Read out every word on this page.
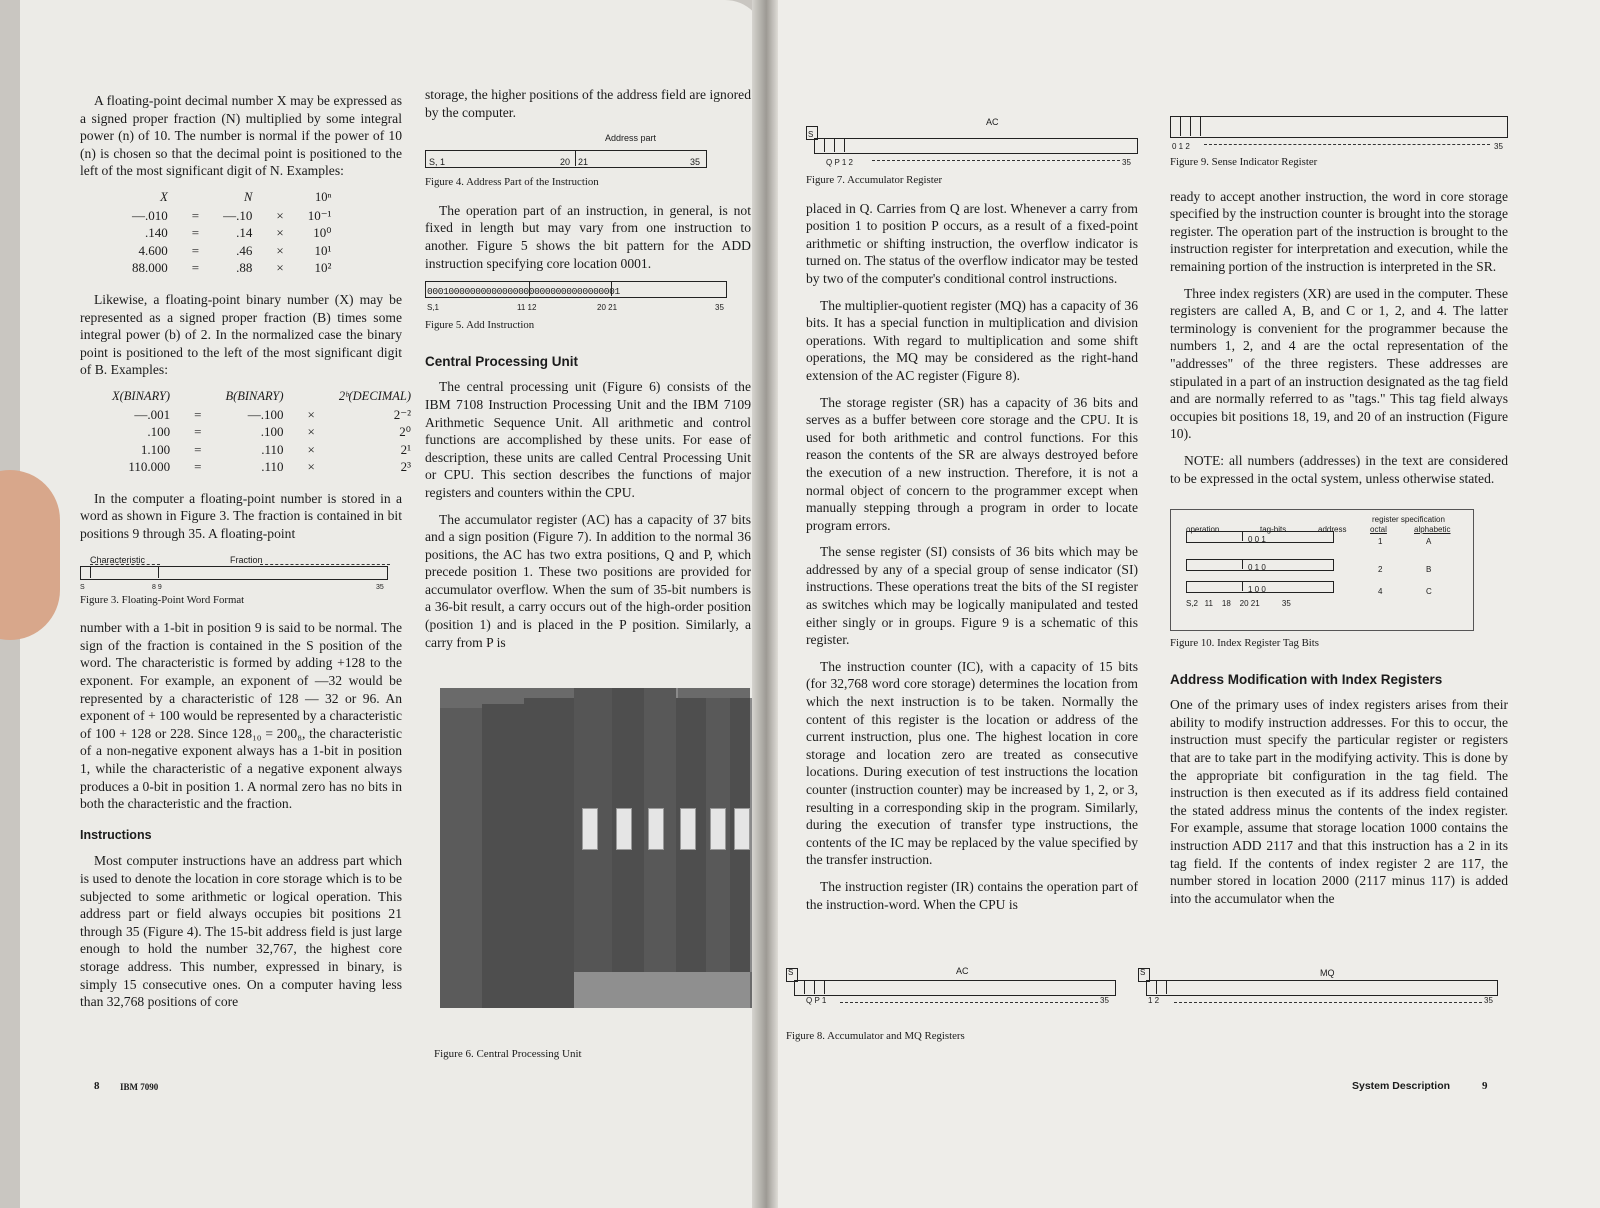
A floating-point decimal number X may be expressed as a signed proper fraction (N) multiplied by some integral power (n) of 10. The number is normal if the power of 10 (n) is chosen so that the decimal point is positioned to the left of the most significant digit of N. Examples:

X		N		10ⁿ
—.010	=	—.10	×	10⁻¹
.140	=	.14	×	10⁰
4.600	=	.46	×	10¹
88.000	=	.88	×	10²

Likewise, a floating-point binary number (X) may be represented as a signed proper fraction (B) times some integral power (b) of 2. In the normalized case the binary point is positioned to the left of the most significant digit of B. Examples:

X(BINARY)		B(BINARY)		2ᵇ(DECIMAL)
—.001	=	—.100	×	2⁻²
.100	=	.100	×	2⁰
1.100	=	.110	×	2¹
110.000	=	.110	×	2³

In the computer a floating-point number is stored in a word as shown in Figure 3. The fraction is contained in bit positions 9 through 35. A floating-point

Characteristic	Fraction
S	8 9	35
Figure 3. Floating-Point Word Format

number with a 1-bit in position 9 is said to be normal. The sign of the fraction is contained in the S position of the word. The characteristic is formed by adding +128 to the exponent. For example, an exponent of —32 would be represented by a characteristic of 128 — 32 or 96. An exponent of + 100 would be represented by a characteristic of 100 + 128 or 228. Since 128₁₀ = 200₈, the characteristic of a non-negative exponent always has a 1-bit in position 1, while the characteristic of a negative exponent always produces a 0-bit in position 1. A normal zero has no bits in both the characteristic and the fraction.

Instructions

Most computer instructions have an address part which is used to denote the location in core storage which is to be subjected to some arithmetic or logical operation. This address part or field always occupies bit positions 21 through 35 (Figure 4). The 15-bit address field is just large enough to hold the number 32,767, the highest core storage address. This number, expressed in binary, is simply 15 consecutive ones. On a computer having less than 32,768 positions of core

storage, the higher positions of the address field are ignored by the computer.

Address part
S, 1	20 21	35
Figure 4. Address Part of the Instruction

The operation part of an instruction, in general, is not fixed in length but may vary from one instruction to another. Figure 5 shows the bit pattern for the ADD instruction specifying core location 0001.

000100000000000000000000000000000001
S,1	11 12	20 21	35
Figure 5. Add Instruction
Central Processing Unit

The central processing unit (Figure 6) consists of the IBM 7108 Instruction Processing Unit and the IBM 7109 Arithmetic Sequence Unit. All arithmetic and control functions are accomplished by these units. For ease of description, these units are called Central Processing Unit or CPU. This section describes the functions of major registers and counters within the CPU.

The accumulator register (AC) has a capacity of 37 bits and a sign position (Figure 7). In addition to the normal 36 positions, the AC has two extra positions, Q and P, which precede position 1. These two positions are provided for accumulator overflow. When the sum of 35-bit numbers is a 36-bit result, a carry occurs out of the high-order position (position 1) and is placed in the P position. Similarly, a carry from P is

8 IBM 7090
Figure 6. Central Processing Unit
AC
S
Q P 1 2	35
Figure 7. Accumulator Register

placed in Q. Carries from Q are lost. Whenever a carry from position 1 to position P occurs, as a result of a fixed-point arithmetic or shifting instruction, the overflow indicator is turned on. The status of the overflow indicator may be tested by two of the computer's conditional control instructions.

The multiplier-quotient register (MQ) has a capacity of 36 bits. It has a special function in multiplication and division operations. With regard to multiplication and some shift operations, the MQ may be considered as the right-hand extension of the AC register (Figure 8).

The storage register (SR) has a capacity of 36 bits and serves as a buffer between core storage and the CPU. It is used for both arithmetic and control functions. For this reason the contents of the SR are always destroyed before the execution of a new instruction. Therefore, it is not a normal object of concern to the programmer except when manually stepping through a program in order to locate program errors.

The sense register (SI) consists of 36 bits which may be addressed by any of a special group of sense indicator (SI) instructions. These operations treat the bits of the SI register as switches which may be logically manipulated and tested either singly or in groups. Figure 9 is a schematic of this register.

The instruction counter (IC), with a capacity of 15 bits (for 32,768 word core storage) determines the location from which the next instruction is to be taken. Normally the content of this register is the location or address of the current instruction, plus one. The highest location in core storage and location zero are treated as consecutive locations. During execution of test instructions the location counter (instruction counter) may be increased by 1, 2, or 3, resulting in a corresponding skip in the program. Similarly, during the execution of transfer type instructions, the contents of the IC may be replaced by the value specified by the transfer instruction.

The instruction register (IR) contains the operation part of the instruction-word. When the CPU is

0 1 2	35
Figure 9. Sense Indicator Register

ready to accept another instruction, the word in core storage specified by the instruction counter is brought into the storage register. The operation part of the instruction is brought to the instruction register for interpretation and execution, while the remaining portion of the instruction is interpreted in the SR.

Three index registers (XR) are used in the computer. These registers are called A, B, and C or 1, 2, and 4. The latter terminology is convenient for the programmer because the numbers 1, 2, and 4 are the octal representation of the "addresses" of the three registers. These addresses are stipulated in a part of an instruction designated as the tag field and are normally referred to as "tags." This tag field always occupies bit positions 18, 19, and 20 of an instruction (Figure 10).

NOTE: all numbers (addresses) in the text are considered to be expressed in the octal system, unless otherwise stated.

register specification
operation	tag-bits	address	octal	alphabetic
0 0 1	1	A
0 1 0	2	B
1 0 0	4	C
S,2   11    18    20 21          35
Figure 10. Index Register Tag Bits
Address Modification with Index Registers

One of the primary uses of index registers arises from their ability to modify instruction addresses. For this to occur, the instruction must specify the particular register or registers that are to take part in the modifying activity. This is done by the appropriate bit configuration in the tag field. The instruction is then executed as if its address field contained the stated address minus the contents of the index register. For example, assume that storage location 1000 contains the instruction ADD 2117 and that this instruction has a 2 in its tag field. If the contents of index register 2 are 117, the number stored in location 2000 (2117 minus 117) is added into the accumulator when the

S	AC
Q P 1	35
S	MQ
1 2	35
Figure 8. Accumulator and MQ Registers
System Description	9
